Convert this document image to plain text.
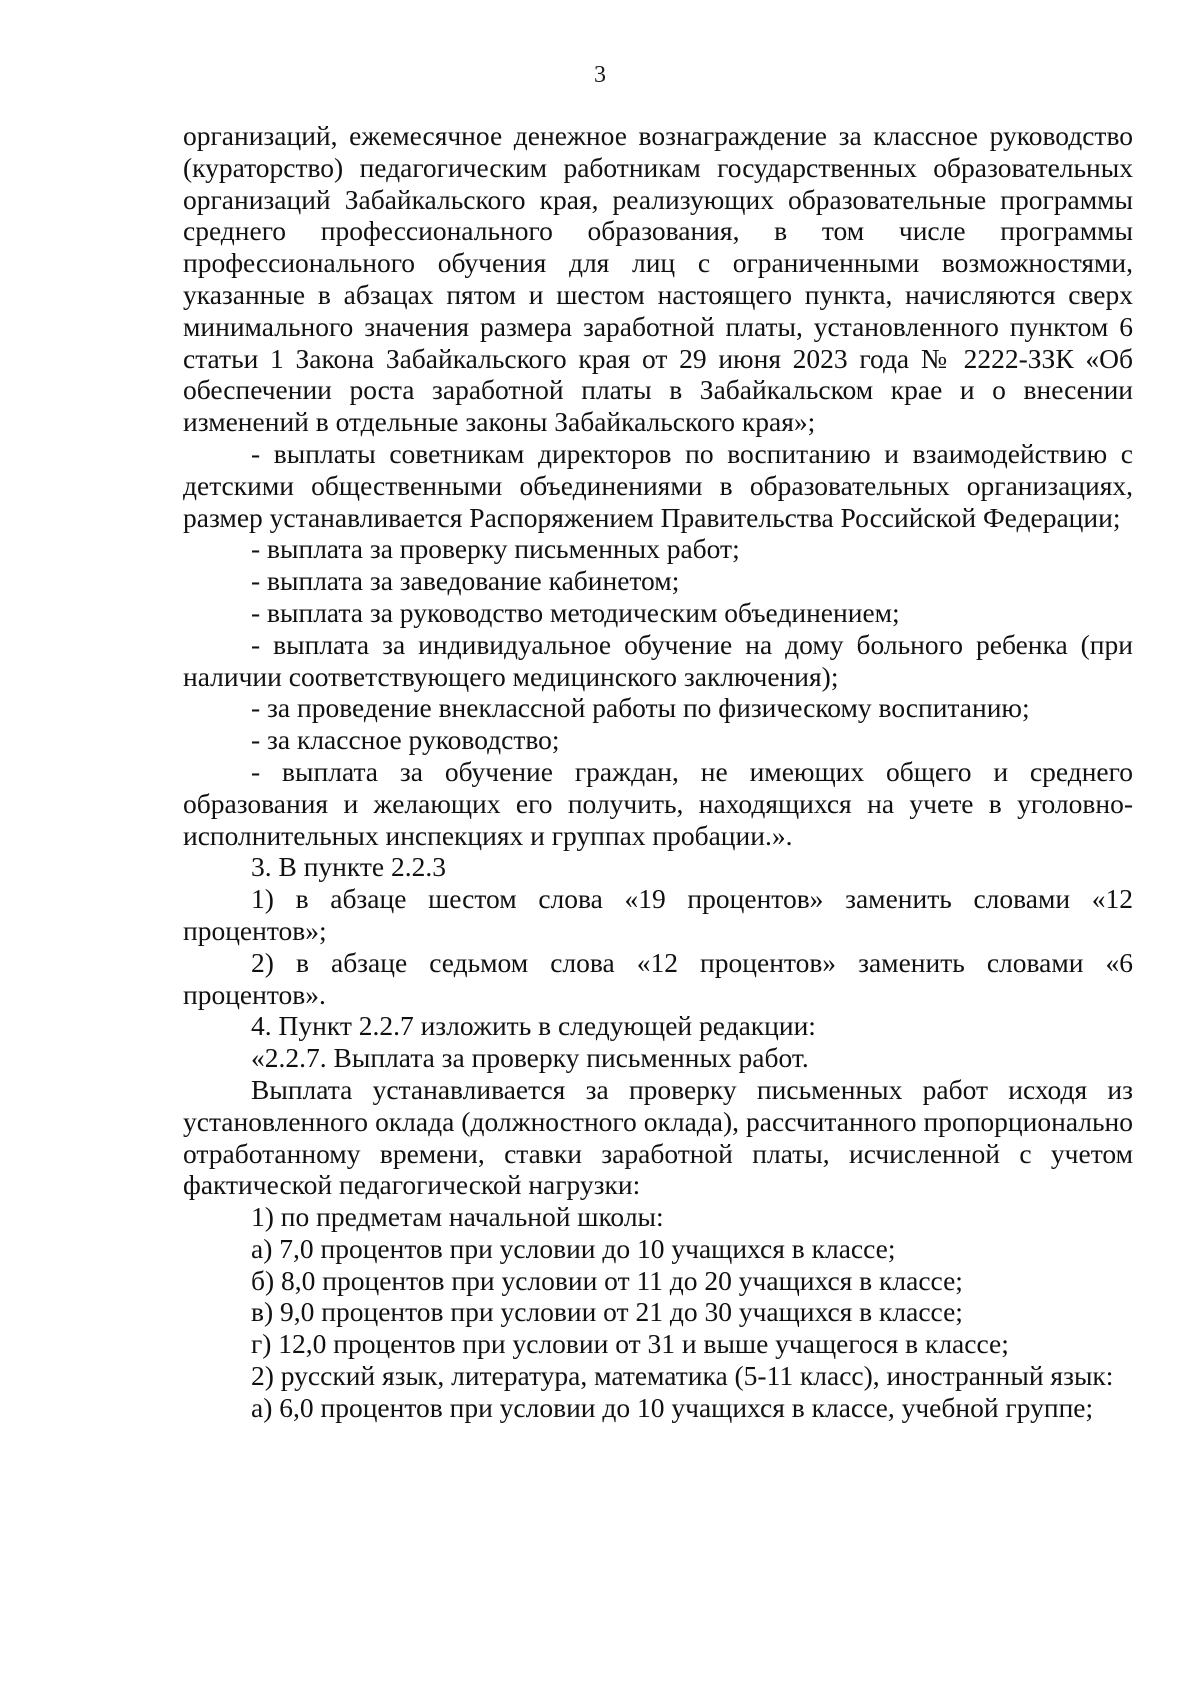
3

организаций, ежемесячное денежное вознаграждение за классное руководство (кураторство) педагогическим работникам государственных образовательных организаций Забайкальского края, реализующих образовательные программы среднего профессионального образования, в том числе программы профессионального обучения для лиц с ограниченными возможностями, указанные в абзацах пятом и шестом настоящего пункта, начисляются сверх минимального значения размера заработной платы, установленного пунктом 6 статьи 1 Закона Забайкальского края от 29 июня 2023 года № 2222-ЗЗК «Об обеспечении роста заработной платы в Забайкальском крае и о внесении изменений в отдельные законы Забайкальского края»;

- выплаты советникам директоров по воспитанию и взаимодействию с детскими общественными объединениями в образовательных организациях, размер устанавливается Распоряжением Правительства Российской Федерации;

- выплата за проверку письменных работ;

- выплата за заведование кабинетом;

- выплата за руководство методическим объединением;

- выплата за индивидуальное обучение на дому больного ребенка (при наличии соответствующего медицинского заключения);

- за проведение внеклассной работы по физическому воспитанию;

- за классное руководство;

- выплата за обучение граждан, не имеющих общего и среднего образования и желающих его получить, находящихся на учете в уголовно-исполнительных инспекциях и группах пробации.».

3. В пункте 2.2.3

1) в абзаце шестом слова «19 процентов» заменить словами «12 процентов»;

2) в абзаце седьмом слова «12 процентов» заменить словами «6 процентов».

4. Пункт 2.2.7 изложить в следующей редакции:

«2.2.7. Выплата за проверку письменных работ.

Выплата устанавливается за проверку письменных работ исходя из установленного оклада (должностного оклада), рассчитанного пропорционально отработанному времени, ставки заработной платы, исчисленной с учетом фактической педагогической нагрузки:

1) по предметам начальной школы:

а) 7,0 процентов при условии до 10 учащихся в классе;

б) 8,0 процентов при условии от 11 до 20 учащихся в классе;

в) 9,0 процентов при условии от 21 до 30 учащихся в классе;

г) 12,0 процентов при условии от 31 и выше учащегося в классе;

2) русский язык, литература, математика (5-11 класс), иностранный язык:

а) 6,0 процентов при условии до 10 учащихся в классе, учебной группе;
